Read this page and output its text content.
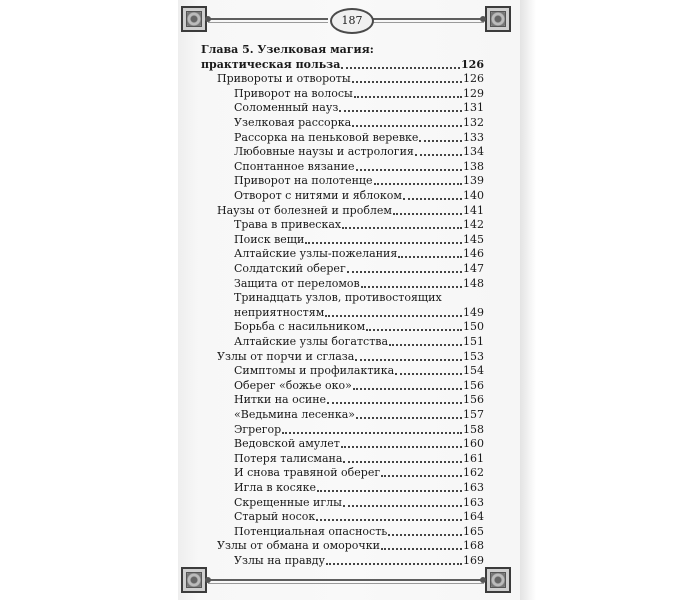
187
Глава 5. Узелковая магия:
практическая польза	126
Привороты и отвороты	126
Приворот на волосы	129
Соломенный науз	131
Узелковая рассорка	132
Рассорка на пеньковой веревке	133
Любовные наузы и астрология	134
Спонтанное вязание	138
Приворот на полотенце	139
Отворот с нитями и яблоком	140
Наузы от болезней и проблем	141
Трава в привесках	142
Поиск вещи	145
Алтайские узлы-пожелания	146
Солдатский оберег	147
Защита от переломов	148
Тринадцать узлов, противостоящих
неприятностям	149
Борьба с насильником	150
Алтайские узлы богатства	151
Узлы от порчи и сглаза	153
Симптомы и профилактика	154
Оберег «божье око»	156
Нитки на осине	156
«Ведьмина лесенка»	157
Эгрегор	158
Ведовской амулет	160
Потеря талисмана	161
И снова травяной оберег	162
Игла в косяке	163
Скрещенные иглы	163
Старый носок	164
Потенциальная опасность	165
Узлы от обмана и оморочки	168
Узлы на правду	169
